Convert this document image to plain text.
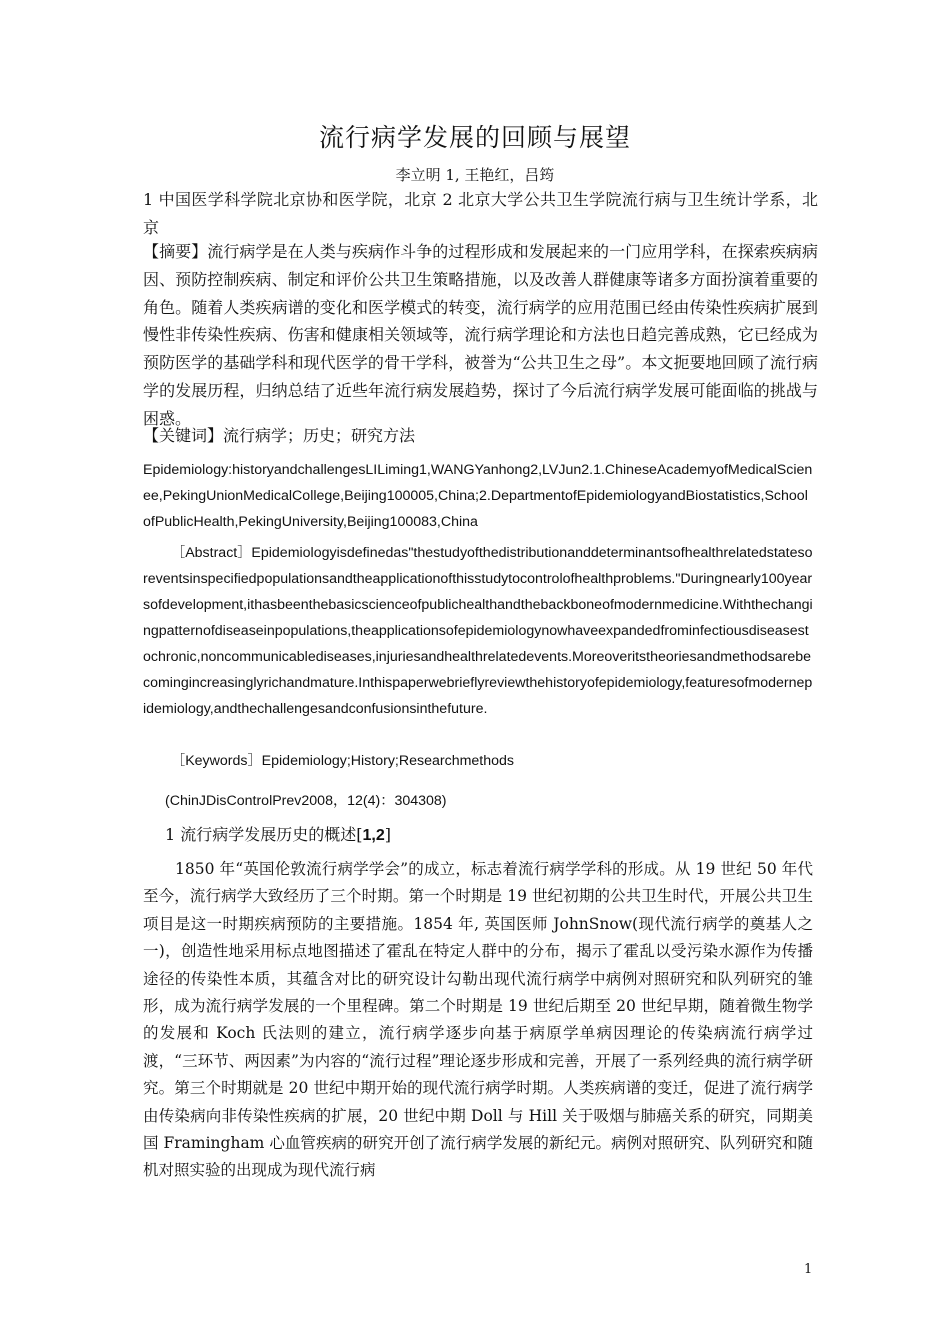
流行病学发展的回顾与展望
李立明 1, 王艳红，吕筠
1 中国医学科学院北京协和医学院，北京 2 北京大学公共卫生学院流行病与卫生统计学系，北京
【摘要】流行病学是在人类与疾病作斗争的过程形成和发展起来的一门应用学科，在探索疾病病因、预防控制疾病、制定和评价公共卫生策略措施，以及改善人群健康等诸多方面扮演着重要的角色。随着人类疾病谱的变化和医学模式的转变，流行病学的应用范围已经由传染性疾病扩展到慢性非传染性疾病、伤害和健康相关领域等，流行病学理论和方法也日趋完善成熟，它已经成为预防医学的基础学科和现代医学的骨干学科，被誉为“公共卫生之母”。本文扼要地回顾了流行病学的发展历程，归纳总结了近些年流行病发展趋势，探讨了今后流行病学发展可能面临的挑战与困惑。
【关键词】流行病学；历史；研究方法
Epidemiology:historyandchallengesLILiming1,WANGYanhong2,LVJun2.1.ChineseAcademyofMedicalScienee,PekingUnionMedicalCollege,Beijing100005,China;2.DepartmentofEpidemiologyandBiostatistics,SchoolofPublicHealth,PekingUniversity,Beijing100083,China
［Abstract］Epidemiologyisdefinedas"thestudyofthedistributionanddeterminantsofhealthrelatedstatesoreventsinspecifiedpopulationsandtheapplicationofthisstudytocontrolofhealthproblems."Duringnearly100yearsofdevelopment,ithasbeenthebasicscienceofpublichealthandthebackboneofmodernmedicine.Withthechangingpatternofdiseaseinpopulations,theapplicationsofepidemiologynowhaveexpandedfrominfectiousdiseasestochronic,noncommunicablediseases,injuriesandhealthrelatedevents.Moreoveritstheoriesandmethodsarebecomingincreasinglyrichandmature.Inthispaperwebrieflyreviewthehistoryofepidemiology,featuresofmodernepidemiology,andthechallengesandconfusionsinthefuture.
［Keywords］Epidemiology;History;Researchmethods
(ChinJDisControlPrev2008，12(4)：304308)
1 流行病学发展历史的概述[1,2]
1850 年“英国伦敦流行病学学会”的成立，标志着流行病学学科的形成。从 19 世纪 50 年代至今，流行病学大致经历了三个时期。第一个时期是 19 世纪初期的公共卫生时代，开展公共卫生项目是这一时期疾病预防的主要措施。1854 年, 英国医师 JohnSnow(现代流行病学的奠基人之一)，创造性地采用标点地图描述了霍乱在特定人群中的分布，揭示了霍乱以受污染水源作为传播途径的传染性本质，其蕴含对比的研究设计勾勒出现代流行病学中病例对照研究和队列研究的雏形，成为流行病学发展的一个里程碑。第二个时期是 19 世纪后期至 20 世纪早期，随着微生物学的发展和 Koch 氏法则的建立，流行病学逐步向基于病原学单病因理论的传染病流行病学过渡，“三环节、两因素”为内容的“流行过程”理论逐步形成和完善，开展了一系列经典的流行病学研究。第三个时期就是 20 世纪中期开始的现代流行病学时期。人类疾病谱的变迁，促进了流行病学由传染病向非传染性疾病的扩展，20 世纪中期 Doll 与 Hill 关于吸烟与肺癌关系的研究，同期美国 Framingham 心血管疾病的研究开创了流行病学发展的新纪元。病例对照研究、队列研究和随机对照实验的出现成为现代流行病
1
